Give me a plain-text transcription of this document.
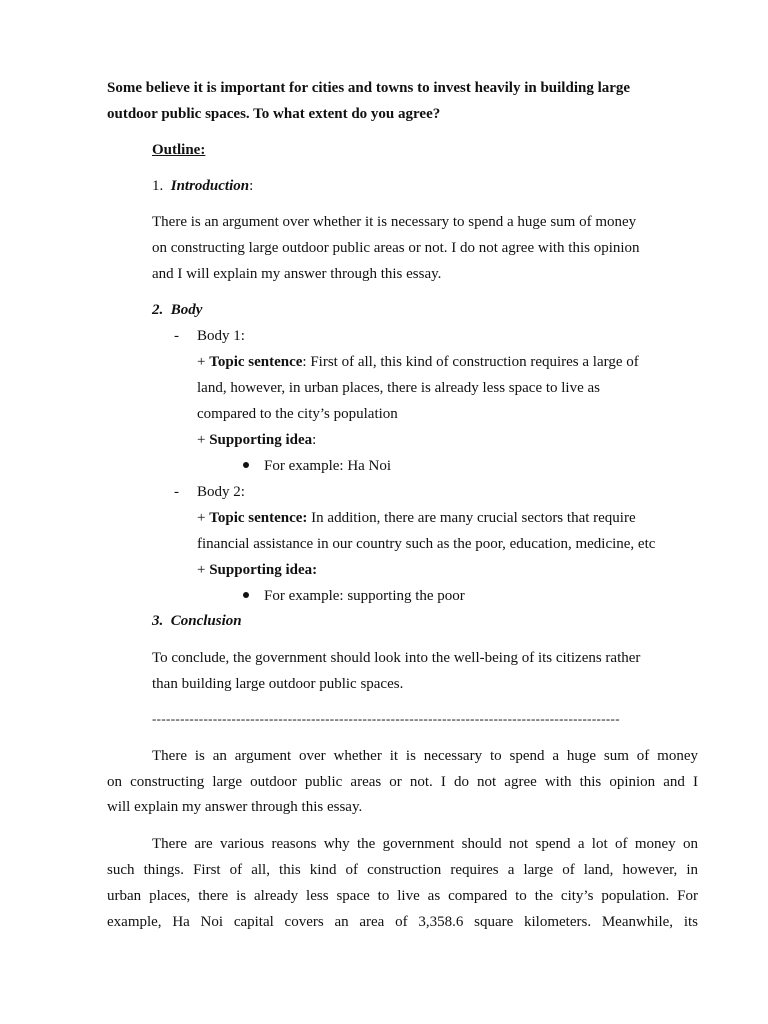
Some believe it is important for cities and towns to invest heavily in building large
outdoor public spaces. To what extent do you agree?
Outline:
1. Introduction:
There is an argument over whether it is necessary to spend a huge sum of money
on constructing large outdoor public areas or not. I do not agree with this opinion
and I will explain my answer through this essay.
2. Body
- Body 1:
+ Topic sentence: First of all, this kind of construction requires a large of
land, however, in urban places, there is already less space to live as
compared to the city’s population
+ Supporting idea:
For example: Ha Noi
- Body 2:
+ Topic sentence: In addition, there are many crucial sectors that require
financial assistance in our country such as the poor, education, medicine, etc
+ Supporting idea:
For example: supporting the poor
3. Conclusion
To conclude, the government should look into the well-being of its citizens rather
than building large outdoor public spaces.
----------------------------------------------------------------------------------------------------
There is an argument over whether it is necessary to spend a huge sum of money
on constructing large outdoor public areas or not. I do not agree with this opinion and I
will explain my answer through this essay.
There are various reasons why the government should not spend a lot of money on
such things. First of all, this kind of construction requires a large of land, however, in
urban places, there is already less space to live as compared to the city’s population. For
example, Ha Noi capital covers an area of 3,358.6 square kilometers. Meanwhile, its
